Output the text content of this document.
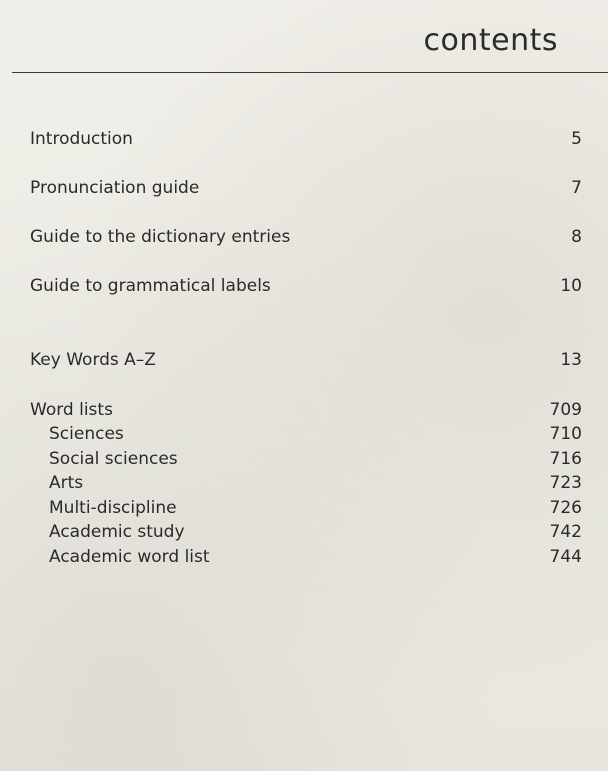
contents
Introduction	5
Pronunciation guide	7
Guide to the dictionary entries	8
Guide to grammatical labels	10
Key Words A–Z	13
Word lists	709
Sciences	710
Social sciences	716
Arts	723
Multi-discipline	726
Academic study	742
Academic word list	744
